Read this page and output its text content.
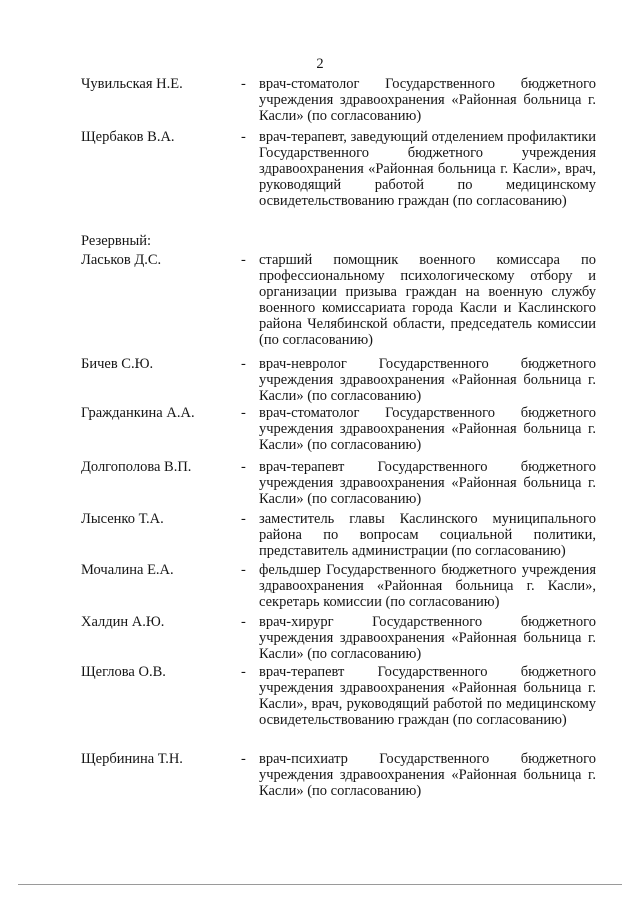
2
Чувильская Н.Е.	- врач-стоматолог Государственного бюджетного учреждения здравоохранения «Районная больница г. Касли» (по согласованию)
Щербаков В.А.	- врач-терапевт, заведующий отделением профилактики Государственного бюджетного учреждения здравоохранения «Районная больница г. Касли», врач, руководящий работой по медицинскому освидетельствованию граждан (по согласованию)
Резервный:
Ласьков Д.С.	- старший помощник военного комиссара по профессиональному психологическому отбору и организации призыва граждан на военную службу военного комиссариата города Касли и Каслинского района Челябинской области, председатель комиссии (по согласованию)
Бичев С.Ю.	- врач-невролог Государственного бюджетного учреждения здравоохранения «Районная больница г. Касли» (по согласованию)
Гражданкина А.А.	- врач-стоматолог Государственного бюджетного учреждения здравоохранения «Районная больница г. Касли» (по согласованию)
Долгополова В.П.	- врач-терапевт Государственного бюджетного учреждения здравоохранения «Районная больница г. Касли» (по согласованию)
Лысенко Т.А.	- заместитель главы Каслинского муниципального района по вопросам социальной политики, представитель администрации (по согласованию)
Мочалина Е.А.	- фельдшер Государственного бюджетного учреждения здравоохранения «Районная больница г. Касли», секретарь комиссии (по согласованию)
Халдин А.Ю.	- врач-хирург Государственного бюджетного учреждения здравоохранения «Районная больница г. Касли» (по согласованию)
Щеглова О.В.	- врач-терапевт Государственного бюджетного учреждения здравоохранения «Районная больница г. Касли», врач, руководящий работой по медицинскому освидетельствованию граждан (по согласованию)
Щербинина Т.Н.	- врач-психиатр Государственного бюджетного учреждения здравоохранения «Районная больница г. Касли» (по согласованию)
